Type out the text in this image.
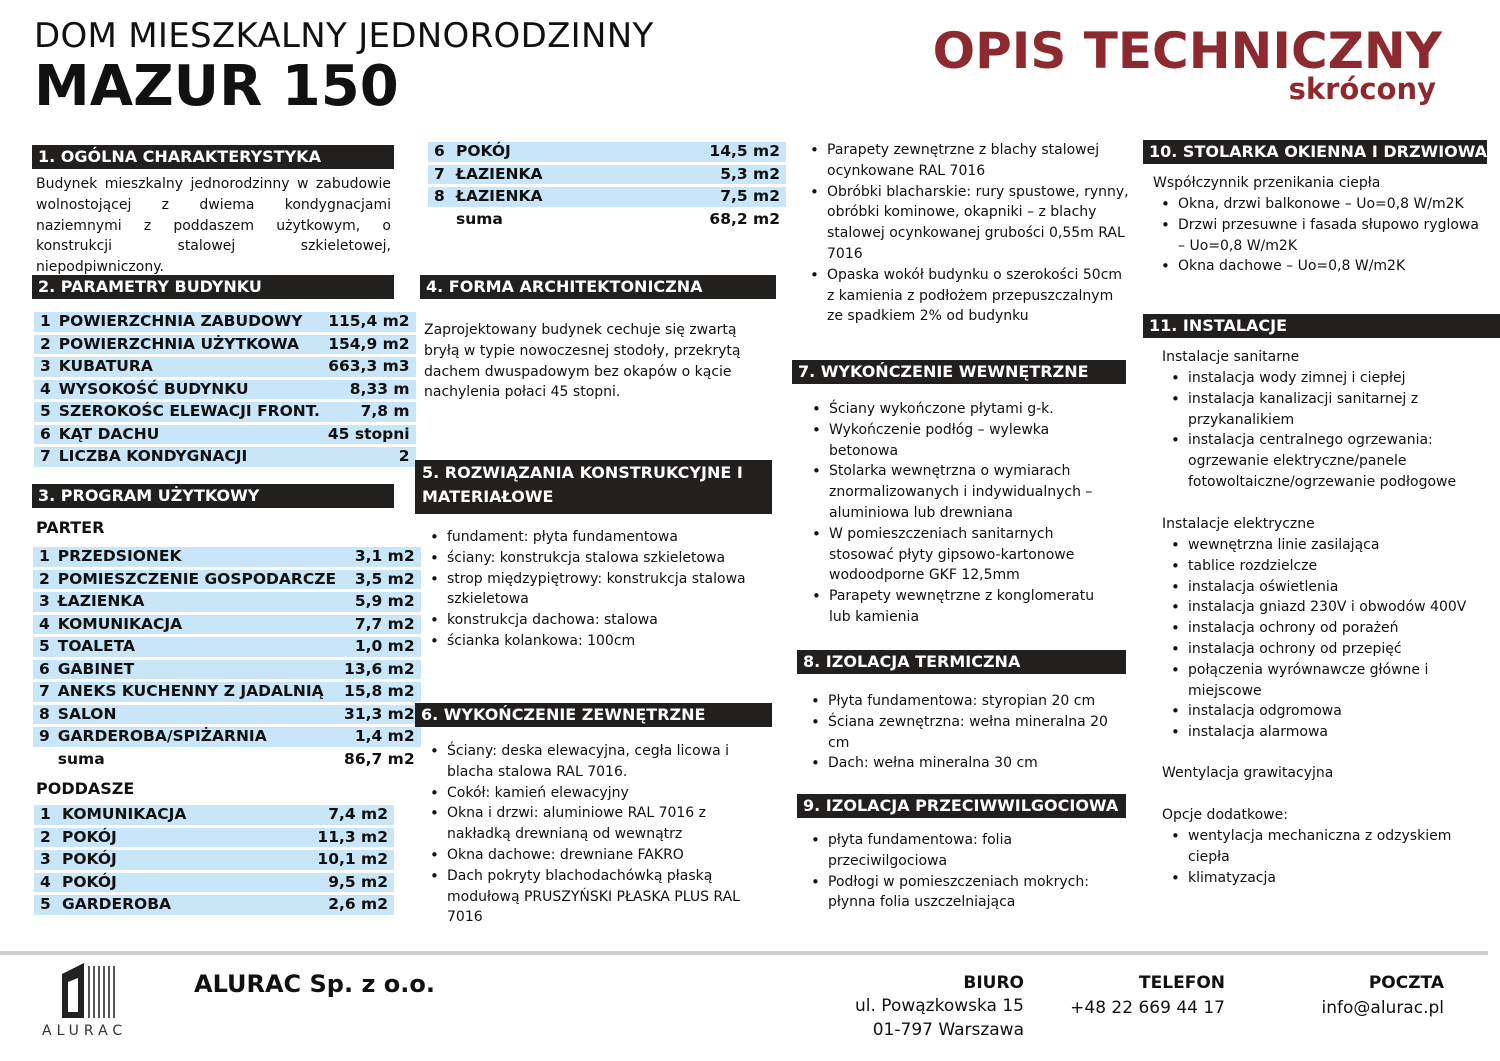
DOM MIESZKALNY JEDNORODZINNY
MAZUR 150
OPIS TECHNICZNY
skrócony
1. OGÓLNA CHARAKTERYSTYKA
Budynek mieszkalny jednorodzinny w zabudowie wolnostojącej z dwiema kondygnacjami naziemnymi z poddaszem użytkowym, o konstrukcji stalowej szkieletowej, niepodpiwniczony.
2. PARAMETRY BUDYNKU
1	POWIERZCHNIA ZABUDOWY	115,4 m2
2	POWIERZCHNIA UŻYTKOWA	154,9 m2
3	KUBATURA	663,3 m3
4	WYSOKOŚĆ BUDYNKU	8,33 m
5	SZEROKOŚC ELEWACJI FRONT.	7,8 m
6	KĄT DACHU	45 stopni
7	LICZBA KONDYGNACJI	2
3. PROGRAM UŻYTKOWY
PARTER
1	PRZEDSIONEK	3,1 m2
2	POMIESZCZENIE GOSPODARCZE	3,5 m2
3	ŁAZIENKA	5,9 m2
4	KOMUNIKACJA	7,7 m2
5	TOALETA	1,0 m2
6	GABINET	13,6 m2
7	ANEKS KUCHENNY Z JADALNIĄ	15,8 m2
8	SALON	31,3 m2
9	GARDEROBA/SPIŻARNIA	1,4 m2
	suma	86,7 m2
PODDASZE
1	KOMUNIKACJA	7,4 m2
2	POKÓJ	11,3 m2
3	POKÓJ	10,1 m2
4	POKÓJ	9,5 m2
5	GARDEROBA	2,6 m2
6	POKÓJ	14,5 m2
7	ŁAZIENKA	5,3 m2
8	ŁAZIENKA	7,5 m2
	suma	68,2 m2
4. FORMA ARCHITEKTONICZNA
Zaprojektowany budynek cechuje się zwartą bryłą w typie nowoczesnej stodoły, przekrytą dachem dwuspadowym bez okapów o kącie nachylenia połaci 45 stopni.
5. ROZWIĄZANIA KONSTRUKCYJNE I MATERIAŁOWE
• fundament: płyta fundamentowa
• ściany: konstrukcja stalowa szkieletowa
• strop międzypiętrowy: konstrukcja stalowa szkieletowa
• konstrukcja dachowa: stalowa
• ścianka kolankowa: 100cm
6. WYKOŃCZENIE ZEWNĘTRZNE
• Ściany: deska elewacyjna, cegła licowa i blacha stalowa RAL 7016.
• Cokół: kamień elewacyjny
• Okna i drzwi: aluminiowe RAL 7016 z nakładką drewnianą od wewnątrz
• Okna dachowe: drewniane FAKRO
• Dach pokryty blachodachówką płaską modułową PRUSZYŃSKI PŁASKA PLUS RAL 7016
• Parapety zewnętrzne z blachy stalowej ocynkowane RAL 7016
• Obróbki blacharskie: rury spustowe, rynny, obróbki kominowe, okapniki – z blachy stalowej ocynkowanej grubości 0,55m RAL 7016
• Opaska wokół budynku o szerokości 50cm z kamienia z podłożem przepuszczalnym ze spadkiem 2% od budynku
7. WYKOŃCZENIE WEWNĘTRZNE
• Ściany wykończone płytami g-k.
• Wykończenie podłóg – wylewka betonowa
• Stolarka wewnętrzna o wymiarach znormalizowanych i indywidualnych – aluminiowa lub drewniana
• W pomieszczeniach sanitarnych stosować płyty gipsowo-kartonowe wodoodporne GKF 12,5mm
• Parapety wewnętrzne z konglomeratu lub kamienia
8. IZOLACJA TERMICZNA
• Płyta fundamentowa: styropian 20 cm
• Ściana zewnętrzna: wełna mineralna 20 cm
• Dach: wełna mineralna 30 cm
9. IZOLACJA PRZECIWWILGOCIOWA
• płyta fundamentowa: folia przeciwilgociowa
• Podłogi w pomieszczeniach mokrych: płynna folia uszczelniająca
10. STOLARKA OKIENNA I DRZWIOWA
Współczynnik przenikania ciepła
• Okna, drzwi balkonowe – Uo=0,8 W/m2K
• Drzwi przesuwne i fasada słupowo ryglowa – Uo=0,8 W/m2K
• Okna dachowe – Uo=0,8 W/m2K
11. INSTALACJE
Instalacje sanitarne
• instalacja wody zimnej i ciepłej
• instalacja kanalizacji sanitarnej z przykanalikiem
• instalacja centralnego ogrzewania: ogrzewanie elektryczne/panele fotowoltaiczne/ogrzewanie podłogowe
Instalacje elektryczne
• wewnętrzna linie zasilająca
• tablice rozdzielcze
• instalacja oświetlenia
• instalacja gniazd 230V i obwodów 400V
• instalacja ochrony od porażeń
• instalacja ochrony od przepięć
• połączenia wyrównawcze główne i miejscowe
• instalacja odgromowa
• instalacja alarmowa
Wentylacja grawitacyjna
Opcje dodatkowe:
• wentylacja mechaniczna z odzyskiem ciepła
• klimatyzacja
ALURAC
ALURAC Sp. z o.o.	BIURO
ul. Powązkowska 15
01-797 Warszawa
TELEFON
+48 22 669 44 17
POCZTA
info@alurac.pl
